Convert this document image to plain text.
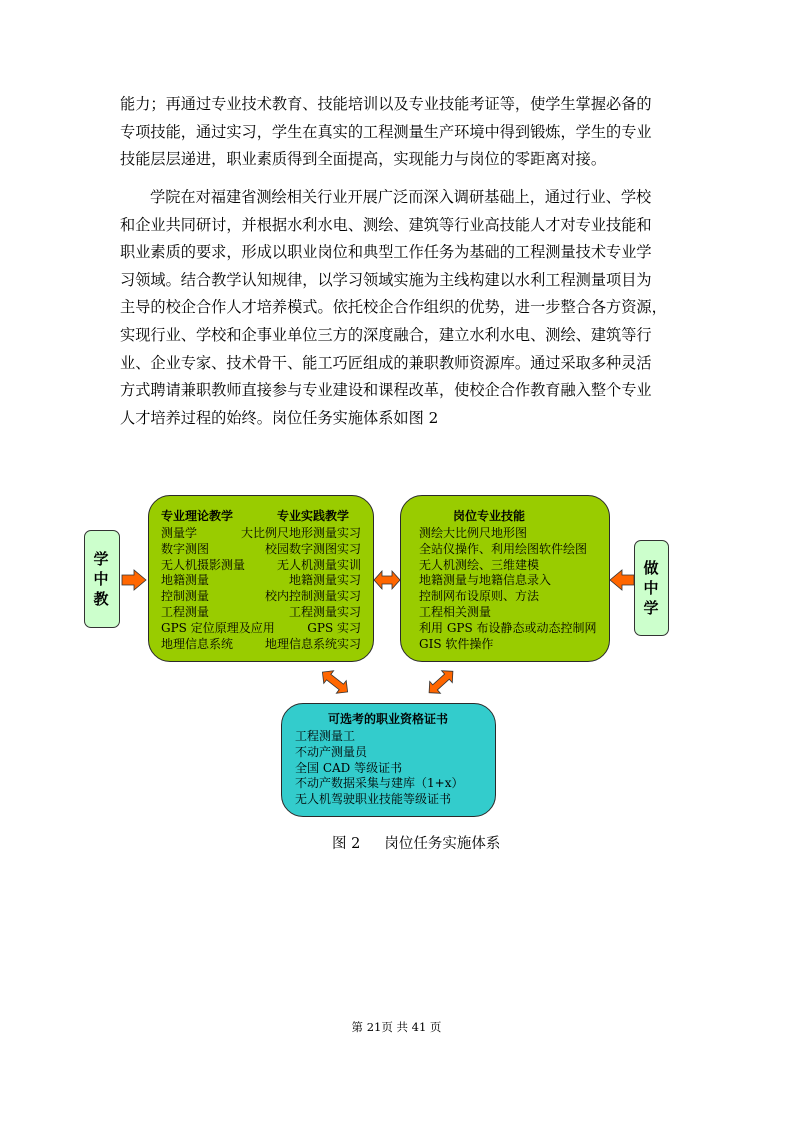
能力；再通过专业技术教育、技能培训以及专业技能考证等，使学生掌握必备的
专项技能，通过实习，学生在真实的工程测量生产环境中得到锻炼，学生的专业
技能层层递进，职业素质得到全面提高，实现能力与岗位的零距离对接。

学院在对福建省测绘相关行业开展广泛而深入调研基础上，通过行业、学校
和企业共同研讨，并根据水利水电、测绘、建筑等行业高技能人才对专业技能和
职业素质的要求，形成以职业岗位和典型工作任务为基础的工程测量技术专业学
习领域。结合教学认知规律，以学习领域实施为主线构建以水利工程测量项目为
主导的校企合作人才培养模式。依托校企合作组织的优势，进一步整合各方资源，
实现行业、学校和企事业单位三方的深度融合，建立水利水电、测绘、建筑等行
业、企业专家、技术骨干、能工巧匠组成的兼职教师资源库。通过采取多种灵活
方式聘请兼职教师直接参与专业建设和课程改革，使校企合作教育融入整个专业
人才培养过程的始终。岗位任务实施体系如图 2

学中教
专业理论教学	专业实践教学
测量学
数字测图
无人机摄影测量
地籍测量
控制测量
工程测量
GPS 定位原理及应用
地理信息系统
大比例尺地形测量实习
校园数字测图实习
无人机测量实训
地籍测量实习
校内控制测量实习
工程测量实习
GPS 实习
地理信息系统实习
岗位专业技能
测绘大比例尺地形图
全站仪操作、利用绘图软件绘图
无人机测绘、三维建模
地籍测量与地籍信息录入
控制网布设原则、方法
工程相关测量
利用 GPS 布设静态或动态控制网
GIS 软件操作
做中学
可选考的职业资格证书
工程测量工
不动产测量员
全国 CAD 等级证书
不动产数据采集与建库（1+x）
无人机驾驶职业技能等级证书
图 2 岗位任务实施体系
第 21页 共 41 页
